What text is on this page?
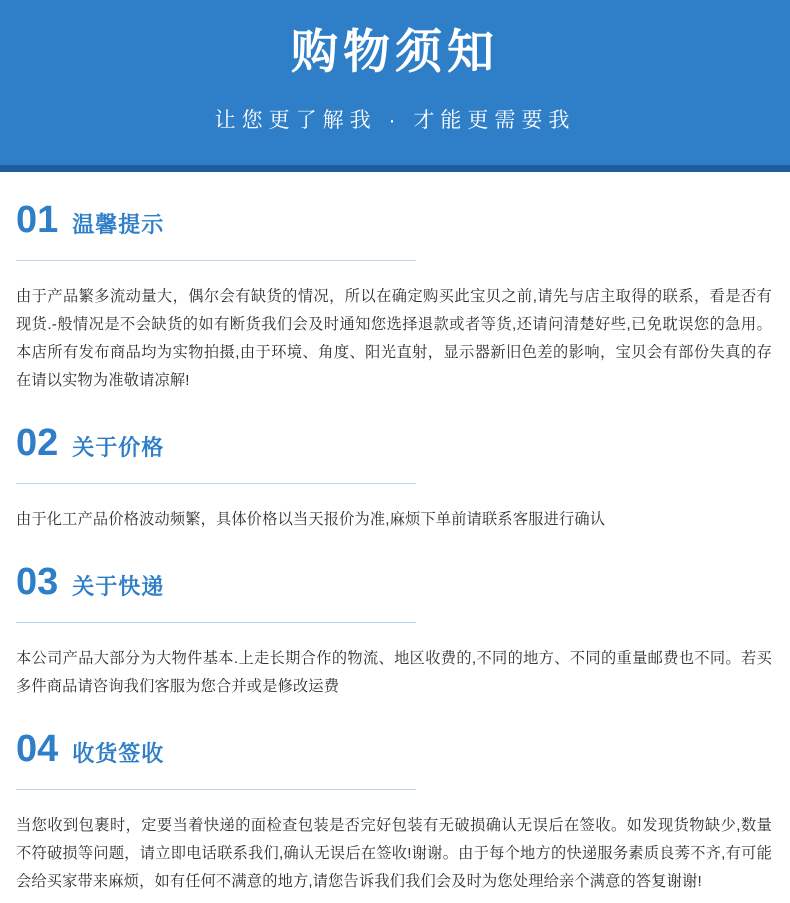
购物须知
让您更了解我 · 才能更需要我
01 温馨提示
由于产品繁多流动量大，偶尔会有缺货的情况，所以在确定购买此宝贝之前,请先与店主取得的联系，看是否有现货.-般情况是不会缺货的如有断货我们会及时通知您选择退款或者等货,还请问清楚好些,已免耽误您的急用。本店所有发布商品均为实物拍摄,由于环境、角度、阳光直射，显示器新旧色差的影响，宝贝会有部份失真的存在请以实物为准敬请凉解!
02 关于价格
由于化工产品价格波动频繁，具体价格以当天报价为准,麻烦下单前请联系客服进行确认
03 关于快递
本公司产品大部分为大物件基本.上走长期合作的物流、地区收费的,不同的地方、不同的重量邮费也不同。若买多件商品请咨询我们客服为您合并或是修改运费
04 收货签收
当您收到包裹时，定要当着快递的面检查包装是否完好包装有无破损确认无误后在签收。如发现货物缺少,数量不符破损等问题，请立即电话联系我们,确认无误后在签收!谢谢。由于每个地方的快递服务素质良莠不齐,有可能会给买家带来麻烦，如有任何不满意的地方,请您告诉我们我们会及时为您处理给亲个满意的答复谢谢!
